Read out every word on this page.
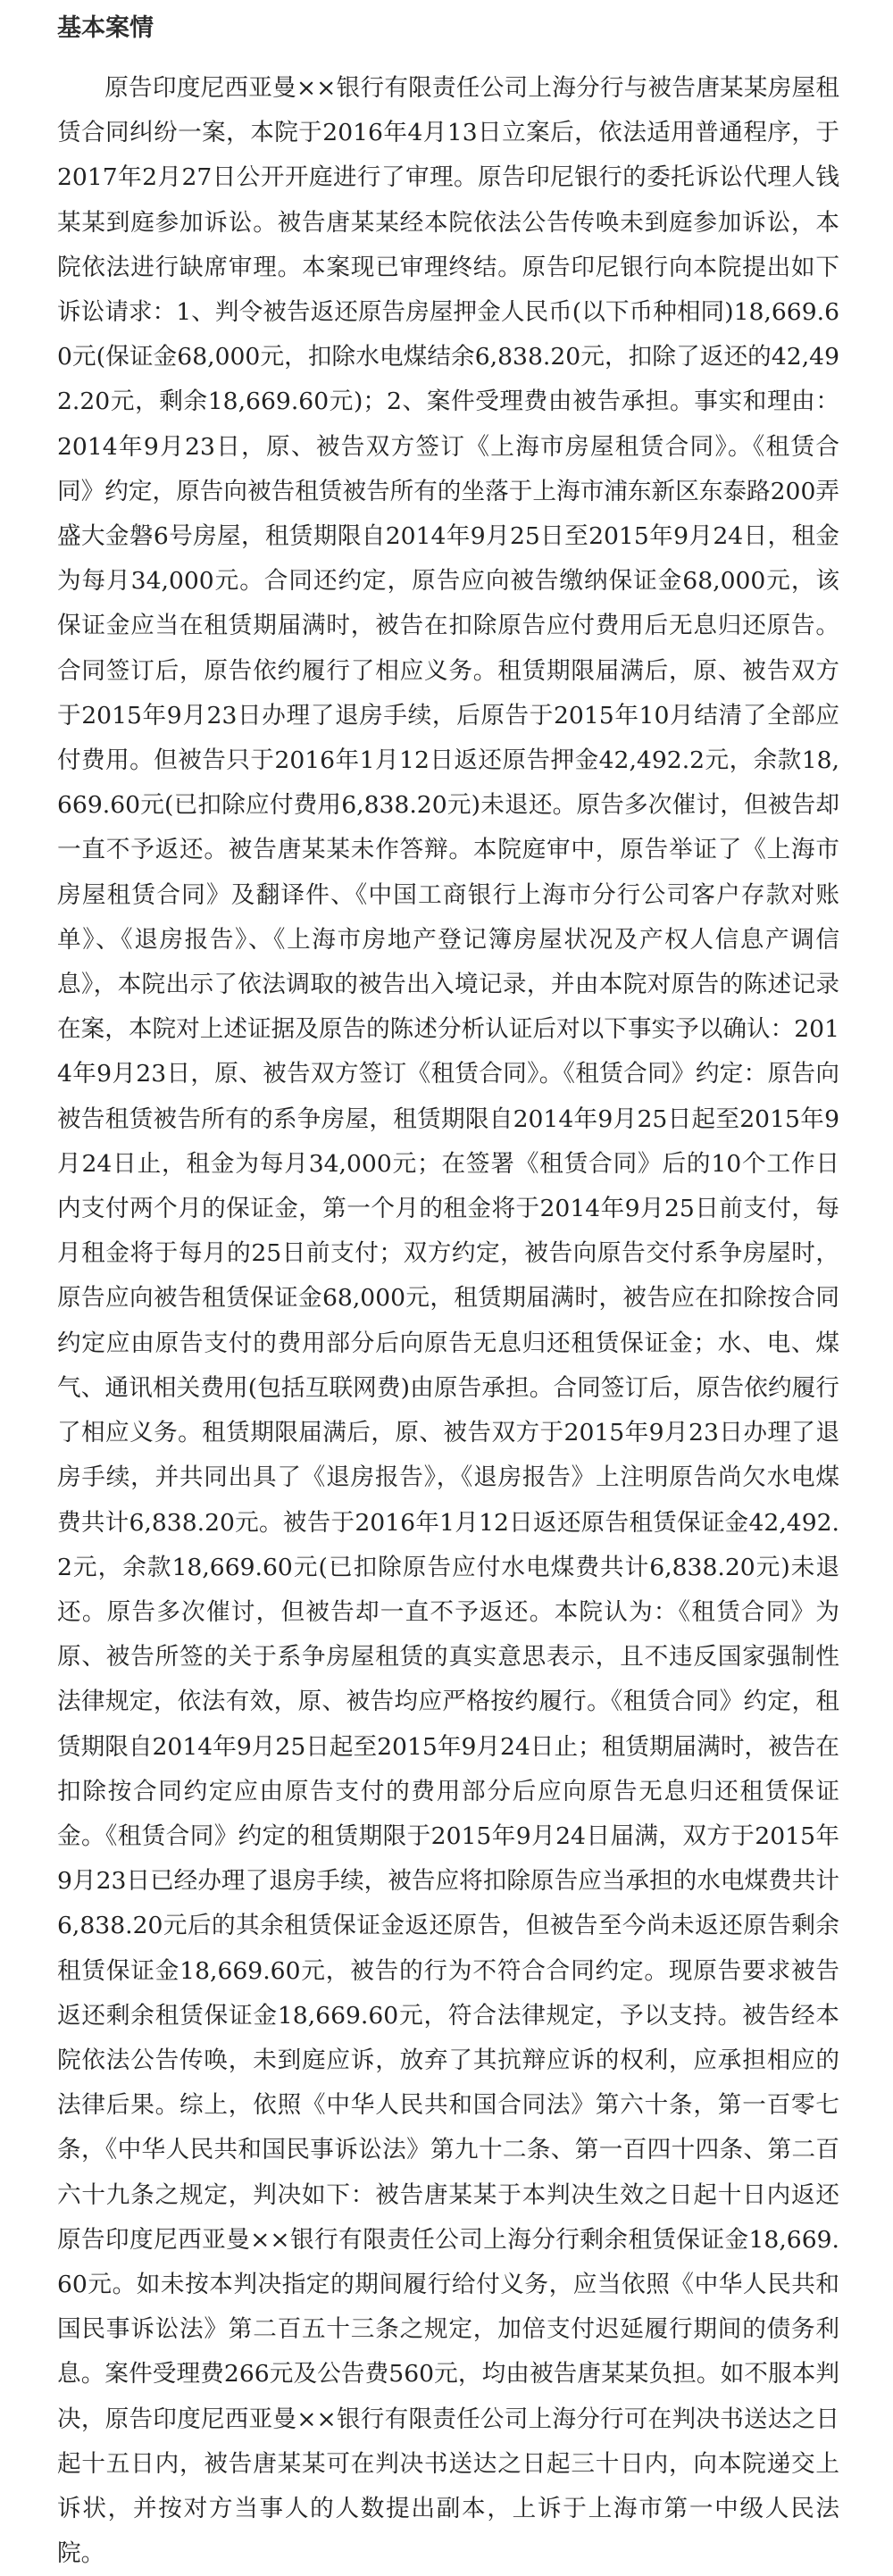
基本案情

原告印度尼西亚曼××银行有限责任公司上海分行与被告唐某某房屋租赁合同纠纷一案，本院于2016年4月13日立案后，依法适用普通程序，于2017年2月27日公开开庭进行了审理。原告印尼银行的委托诉讼代理人钱某某到庭参加诉讼。被告唐某某经本院依法公告传唤未到庭参加诉讼，本院依法进行缺席审理。本案现已审理终结。原告印尼银行向本院提出如下诉讼请求：1、判令被告返还原告房屋押金人民币(以下币种相同)18,669.60元(保证金68,000元，扣除水电煤结余6,838.20元，扣除了返还的42,492.20元，剩余18,669.60元)；2、案件受理费由被告承担。事实和理由：2014年9月23日，原、被告双方签订《上海市房屋租赁合同》。《租赁合同》约定，原告向被告租赁被告所有的坐落于上海市浦东新区东泰路200弄盛大金磐6号房屋，租赁期限自2014年9月25日至2015年9月24日，租金为每月34,000元。合同还约定，原告应向被告缴纳保证金68,000元，该保证金应当在租赁期届满时，被告在扣除原告应付费用后无息归还原告。合同签订后，原告依约履行了相应义务。租赁期限届满后，原、被告双方于2015年9月23日办理了退房手续，后原告于2015年10月结清了全部应付费用。但被告只于2016年1月12日返还原告押金42,492.2元，余款18,669.60元(已扣除应付费用6,838.20元)未退还。原告多次催讨，但被告却一直不予返还。被告唐某某未作答辩。本院庭审中，原告举证了《上海市房屋租赁合同》及翻译件、《中国工商银行上海市分行公司客户存款对账单》、《退房报告》、《上海市房地产登记簿房屋状况及产权人信息产调信息》，本院出示了依法调取的被告出入境记录，并由本院对原告的陈述记录在案，本院对上述证据及原告的陈述分析认证后对以下事实予以确认：2014年9月23日，原、被告双方签订《租赁合同》。《租赁合同》约定：原告向被告租赁被告所有的系争房屋，租赁期限自2014年9月25日起至2015年9月24日止，租金为每月34,000元；在签署《租赁合同》后的10个工作日内支付两个月的保证金，第一个月的租金将于2014年9月25日前支付，每月租金将于每月的25日前支付；双方约定，被告向原告交付系争房屋时，原告应向被告租赁保证金68,000元，租赁期届满时，被告应在扣除按合同约定应由原告支付的费用部分后向原告无息归还租赁保证金；水、电、煤气、通讯相关费用(包括互联网费)由原告承担。合同签订后，原告依约履行了相应义务。租赁期限届满后，原、被告双方于2015年9月23日办理了退房手续，并共同出具了《退房报告》，《退房报告》上注明原告尚欠水电煤费共计6,838.20元。被告于2016年1月12日返还原告租赁保证金42,492.2元，余款18,669.60元(已扣除原告应付水电煤费共计6,838.20元)未退还。原告多次催讨，但被告却一直不予返还。本院认为：《租赁合同》为原、被告所签的关于系争房屋租赁的真实意思表示，且不违反国家强制性法律规定，依法有效，原、被告均应严格按约履行。《租赁合同》约定，租赁期限自2014年9月25日起至2015年9月24日止；租赁期届满时，被告在扣除按合同约定应由原告支付的费用部分后应向原告无息归还租赁保证金。《租赁合同》约定的租赁期限于2015年9月24日届满，双方于2015年9月23日已经办理了退房手续，被告应将扣除原告应当承担的水电煤费共计6,838.20元后的其余租赁保证金返还原告，但被告至今尚未返还原告剩余租赁保证金18,669.60元，被告的行为不符合合同约定。现原告要求被告返还剩余租赁保证金18,669.60元，符合法律规定，予以支持。被告经本院依法公告传唤，未到庭应诉，放弃了其抗辩应诉的权利，应承担相应的法律后果。综上，依照《中华人民共和国合同法》第六十条，第一百零七条，《中华人民共和国民事诉讼法》第九十二条、第一百四十四条、第二百六十九条之规定，判决如下：被告唐某某于本判决生效之日起十日内返还原告印度尼西亚曼××银行有限责任公司上海分行剩余租赁保证金18,669.60元。如未按本判决指定的期间履行给付义务，应当依照《中华人民共和国民事诉讼法》第二百五十三条之规定，加倍支付迟延履行期间的债务利息。案件受理费266元及公告费560元，均由被告唐某某负担。如不服本判决，原告印度尼西亚曼××银行有限责任公司上海分行可在判决书送达之日起十五日内，被告唐某某可在判决书送达之日起三十日内，向本院递交上诉状，并按对方当事人的人数提出副本，上诉于上海市第一中级人民法院。
